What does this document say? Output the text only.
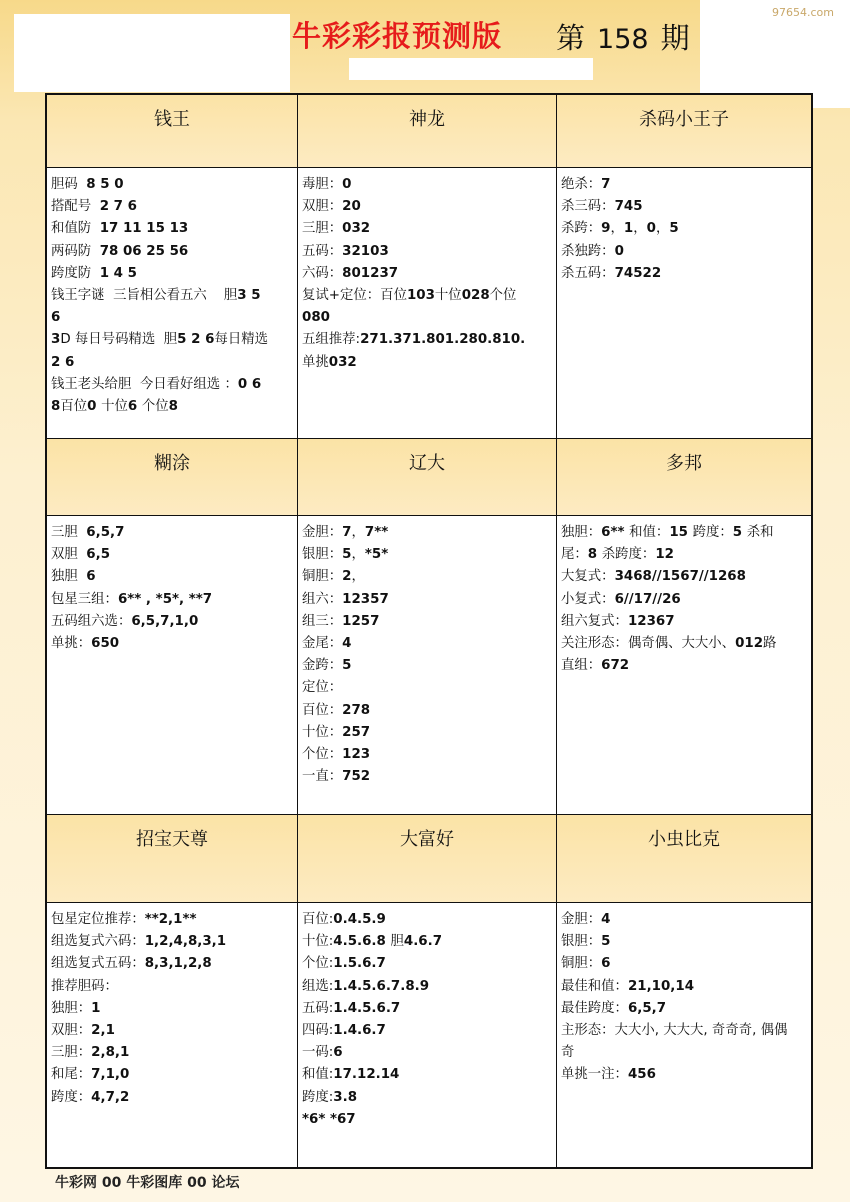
97654.com
牛彩彩报预测版 第 158 期
钱王
胆码  8 5 0
搭配号  2 7 6
和值防  17 11 15 13
两码防  78 06 25 56
跨度防  1 4 5
钱王字谜  三旨相公看五六    胆3 5
6
3D 每日号码精选  胆5 2 6每日精选
2 6
钱王老头给胆  今日看好组选 ：0 6
8百位0 十位6 个位8
神龙
毒胆：0
双胆：20
三胆：032
五码：32103
六码：801237
复试+定位：百位103十位028个位
080
五组推荐:271.371.801.280.810.
单挑032
杀码小王子
绝杀：7
杀三码：745
杀跨：9，1，0，5
杀独跨：0
杀五码：74522
糊涂
三胆  6,5,7
双胆  6,5
独胆  6
包星三组：6** , *5*, **7
五码组六选：6,5,7,1,0
单挑：650
辽大
金胆：7，7**
银胆：5，*5*
铜胆：2，
组六：12357
组三：1257
金尾：4
金跨：5
定位：
百位：278
十位：257
个位：123
一直：752
多邦
独胆：6** 和值：15 跨度：5 杀和
尾：8 杀跨度：12
大复式：3468//1567//1268
小复式：6//17//26
组六复式：12367
关注形态：偶奇偶、大大小、012路
直组：672
招宝天尊
包星定位推荐：**2,1**
组选复式六码：1,2,4,8,3,1
组选复式五码：8,3,1,2,8
推荐胆码：
独胆：1
双胆：2,1
三胆：2,8,1
和尾：7,1,0
跨度：4,7,2
大富好
百位:0.4.5.9
十位:4.5.6.8 胆4.6.7
个位:1.5.6.7
组选:1.4.5.6.7.8.9
五码:1.4.5.6.7
四码:1.4.6.7
一码:6
和值:17.12.14
跨度:3.8
*6* *67
小虫比克
金胆：4
银胆：5
铜胆：6
最佳和值：21,10,14
最佳跨度：6,5,7
主形态：大大小, 大大大, 奇奇奇, 偶偶
奇
单挑一注：456
牛彩网 00 牛彩图库 00 论坛
